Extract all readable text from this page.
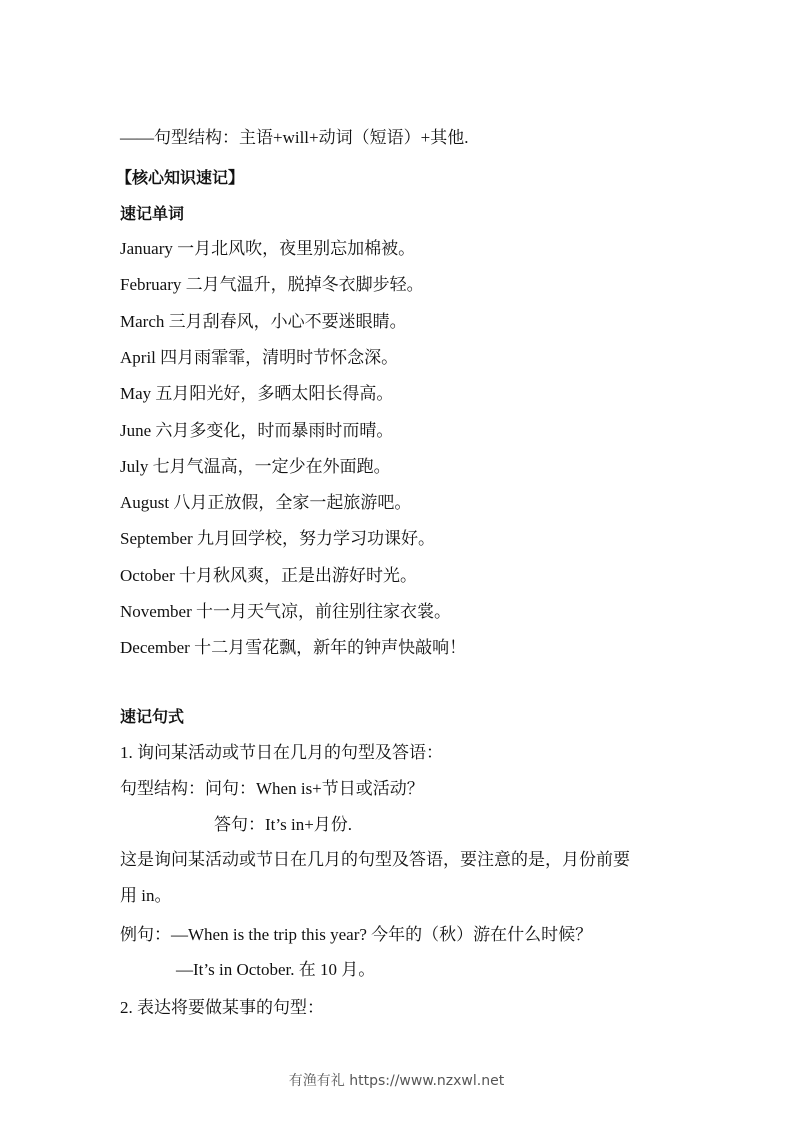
——句型结构：主语+will+动词（短语）+其他.
【核心知识速记】
速记单词
January 一月北风吹，夜里别忘加棉被。
February 二月气温升，脱掉冬衣脚步轻。
March 三月刮春风，小心不要迷眼睛。
April 四月雨霏霏，清明时节怀念深。
May 五月阳光好，多晒太阳长得高。
June 六月多变化，时而暴雨时而晴。
July 七月气温高，一定少在外面跑。
August 八月正放假，全家一起旅游吧。
September 九月回学校，努力学习功课好。
October 十月秋风爽，正是出游好时光。
November 十一月天气凉，前往别往家衣裳。
December 十二月雪花飘，新年的钟声快敲响！
速记句式
1. 询问某活动或节日在几月的句型及答语：
句型结构：问句：When is+节日或活动？
答句：It’s in+月份.
这是询问某活动或节日在几月的句型及答语，要注意的是，月份前要
用 in。
例句：—When is the trip this year? 今年的（秋）游在什么时候？
—It’s in October. 在 10 月。
2. 表达将要做某事的句型：
有渔有礼 https://www.nzxwl.net
